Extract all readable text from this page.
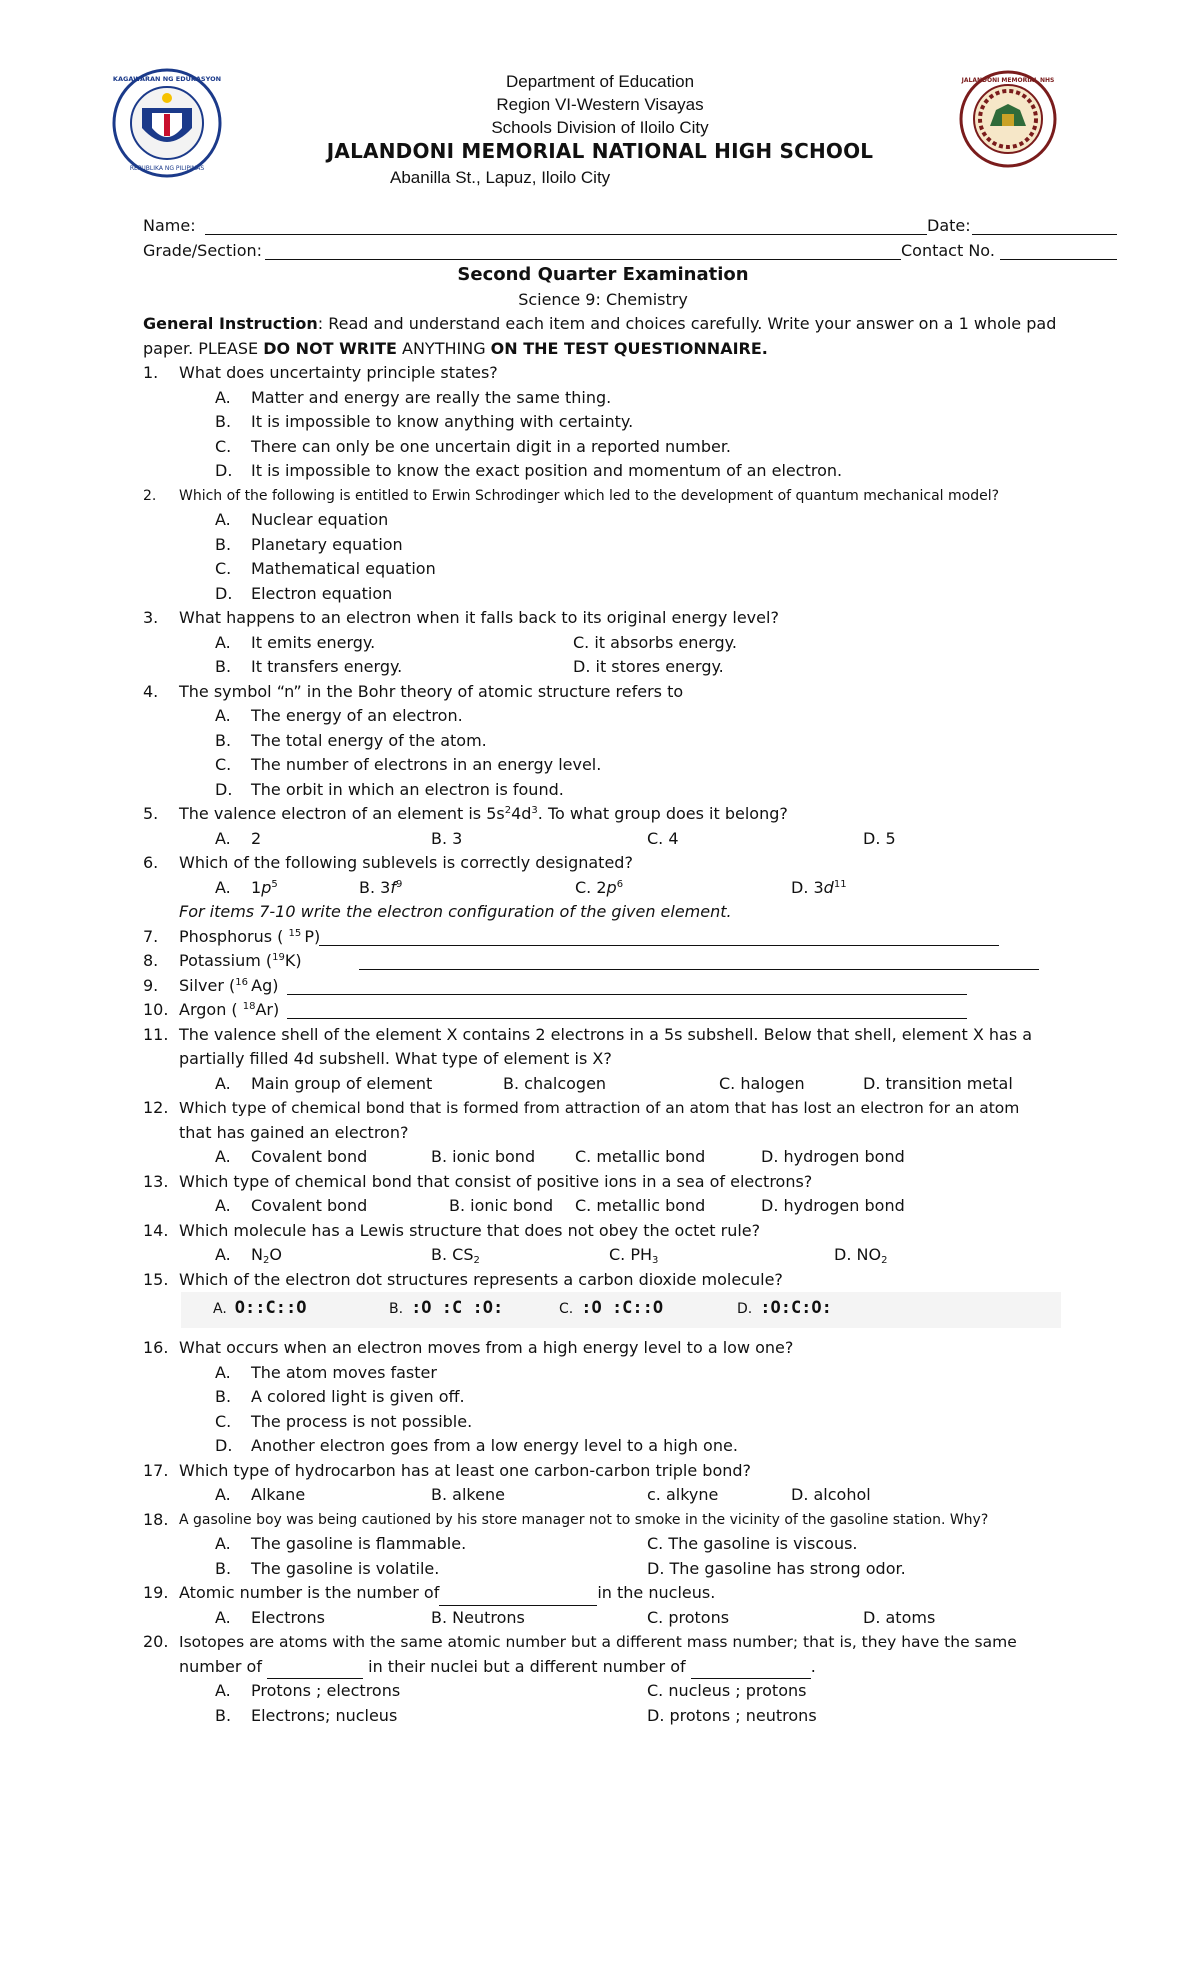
KAGAWARAN NG EDUKASYON
REPUBLIKA NG PILIPINAS
JALANDONI MEMORIAL NHS
Department of Education
Region VI-Western Visayas
Schools Division of Iloilo City
JALANDONI MEMORIAL NATIONAL HIGH SCHOOL
Abanilla St., Lapuz, Iloilo City
Name:	Date:
Grade/Section:	Contact No.
Second Quarter Examination
Science 9: Chemistry
General Instruction: Read and understand each item and choices carefully. Write your answer on a 1 whole pad
paper. PLEASE DO NOT WRITE ANYTHING ON THE TEST QUESTIONNAIRE.
1. What does uncertainty principle states?
A. Matter and energy are really the same thing.
B. It is impossible to know anything with certainty.
C. There can only be one uncertain digit in a reported number.
D. It is impossible to know the exact position and momentum of an electron.
2. Which of the following is entitled to Erwin Schrodinger which led to the development of quantum mechanical model?
A. Nuclear equation
B. Planetary equation
C. Mathematical equation
D. Electron equation
3. What happens to an electron when it falls back to its original energy level?
A. It emits energy.	C. it absorbs energy.
B. It transfers energy.	D. it stores energy.
4. The symbol “n” in the Bohr theory of atomic structure refers to
A. The energy of an electron.
B. The total energy of the atom.
C. The number of electrons in an energy level.
D. The orbit in which an electron is found.
5. The valence electron of an element is $5s^24d^3$. To what group does it belong?
A. 2	B. 3	C. 4	D. 5
6. Which of the following sublevels is correctly designated?
A. $1p^5$	B. $3f^9$	C. $2p^6$	D. $3d^{11}$
For items 7-10 write the electron configuration of the given element.
7. Phosphorus ( $^{15}$ P)
8. Potassium ($^{19}$K)
9. Silver ($^{16}$ Ag)
10. Argon ( $^{18}$Ar)
11. The valence shell of the element X contains 2 electrons in a 5s subshell. Below that shell, element X has a
partially filled 4d subshell. What type of element is X?
A. Main group of element	B. chalcogen	C. halogen	D. transition metal
12. Which type of chemical bond that is formed from attraction of an atom that has lost an electron for an atom
that has gained an electron?
A. Covalent bond	B. ionic bond C. metallic bond	D. hydrogen bond
13. Which type of chemical bond that consist of positive ions in a sea of electrons?
A. Covalent bond	B. ionic bond C. metallic bond	D. hydrogen bond
14. Which molecule has a Lewis structure that does not obey the octet rule?
A. $N_2O$	B. $CS_2$	C. $PH_3$	D. $NO_2$
15. Which of the electron dot structures represents a carbon dioxide molecule?
A. O::C::O	B. :O :C :O:	C. :O :C::O	D. :O:C:O:
16. What occurs when an electron moves from a high energy level to a low one?
A. The atom moves faster
B. A colored light is given off.
C. The process is not possible.
D. Another electron goes from a low energy level to a high one.
17. Which type of hydrocarbon has at least one carbon-carbon triple bond?
A. Alkane	B. alkene	c. alkyne	D. alcohol
18. A gasoline boy was being cautioned by his store manager not to smoke in the vicinity of the gasoline station. Why?
A. The gasoline is flammable.	C. The gasoline is viscous.
B. The gasoline is volatile.	D. The gasoline has strong odor.
19. Atomic number is the number of	in the nucleus.
A. Electrons	B. Neutrons	C. protons	D. atoms
20. Isotopes are atoms with the same atomic number but a different mass number; that is, they have the same
number of	in their nuclei but a different number of	.
A. Protons ; electrons	C. nucleus ; protons
B. Electrons; nucleus	D. protons ; neutrons
